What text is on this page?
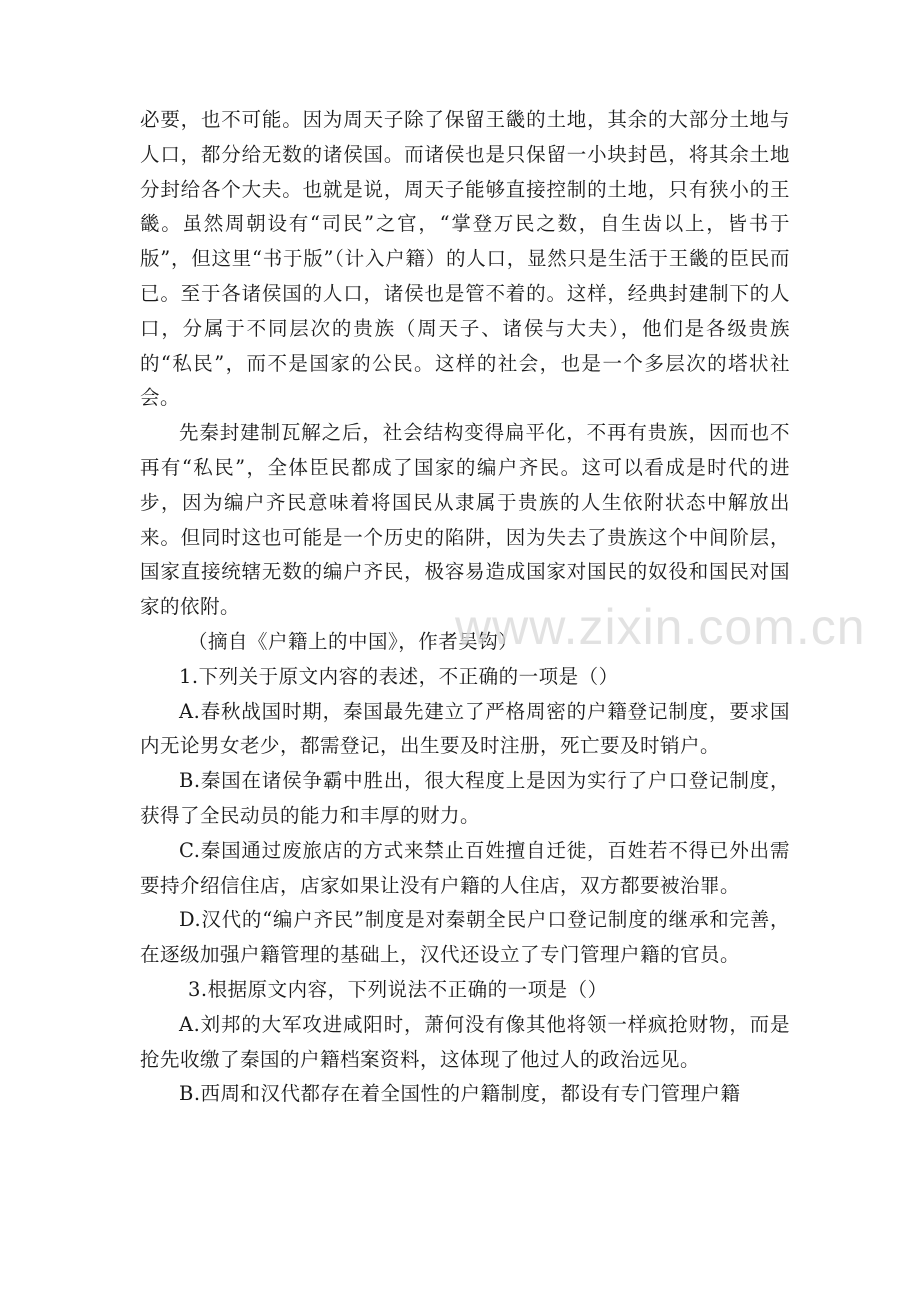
必要，也不可能。因为周天子除了保留王畿的土地，其余的大部分土地与人口，都分给无数的诸侯国。而诸侯也是只保留一小块封邑，将其余土地分封给各个大夫。也就是说，周天子能够直接控制的土地，只有狭小的王畿。虽然周朝设有“司民”之官，“掌登万民之数，自生齿以上，皆书于版”，但这里“书于版”（计入户籍）的人口，显然只是生活于王畿的臣民而已。至于各诸侯国的人口，诸侯也是管不着的。这样，经典封建制下的人口，分属于不同层次的贵族（周天子、诸侯与大夫），他们是各级贵族的“私民”，而不是国家的公民。这样的社会，也是一个多层次的塔状社会。

先秦封建制瓦解之后，社会结构变得扁平化，不再有贵族，因而也不再有“私民”，全体臣民都成了国家的编户齐民。这可以看成是时代的进步，因为编户齐民意味着将国民从隶属于贵族的人生依附状态中解放出来。但同时这也可能是一个历史的陷阱，因为失去了贵族这个中间阶层，国家直接统辖无数的编户齐民，极容易造成国家对国民的奴役和国民对国家的依附。

（摘自《户籍上的中国》，作者吴钩）

1.下列关于原文内容的表述，不正确的一项是（）

A.春秋战国时期，秦国最先建立了严格周密的户籍登记制度，要求国内无论男女老少，都需登记，出生要及时注册，死亡要及时销户。

B.秦国在诸侯争霸中胜出，很大程度上是因为实行了户口登记制度，获得了全民动员的能力和丰厚的财力。

C.秦国通过废旅店的方式来禁止百姓擅自迁徙，百姓若不得已外出需要持介绍信住店，店家如果让没有户籍的人住店，双方都要被治罪。

D.汉代的“编户齐民”制度是对秦朝全民户口登记制度的继承和完善，在逐级加强户籍管理的基础上，汉代还设立了专门管理户籍的官员。

3.根据原文内容，下列说法不正确的一项是（）

A.刘邦的大军攻进咸阳时，萧何没有像其他将领一样疯抢财物，而是抢先收缴了秦国的户籍档案资料，这体现了他过人的政治远见。

B.西周和汉代都存在着全国性的户籍制度，都设有专门管理户籍

www.zixin.com.cn
